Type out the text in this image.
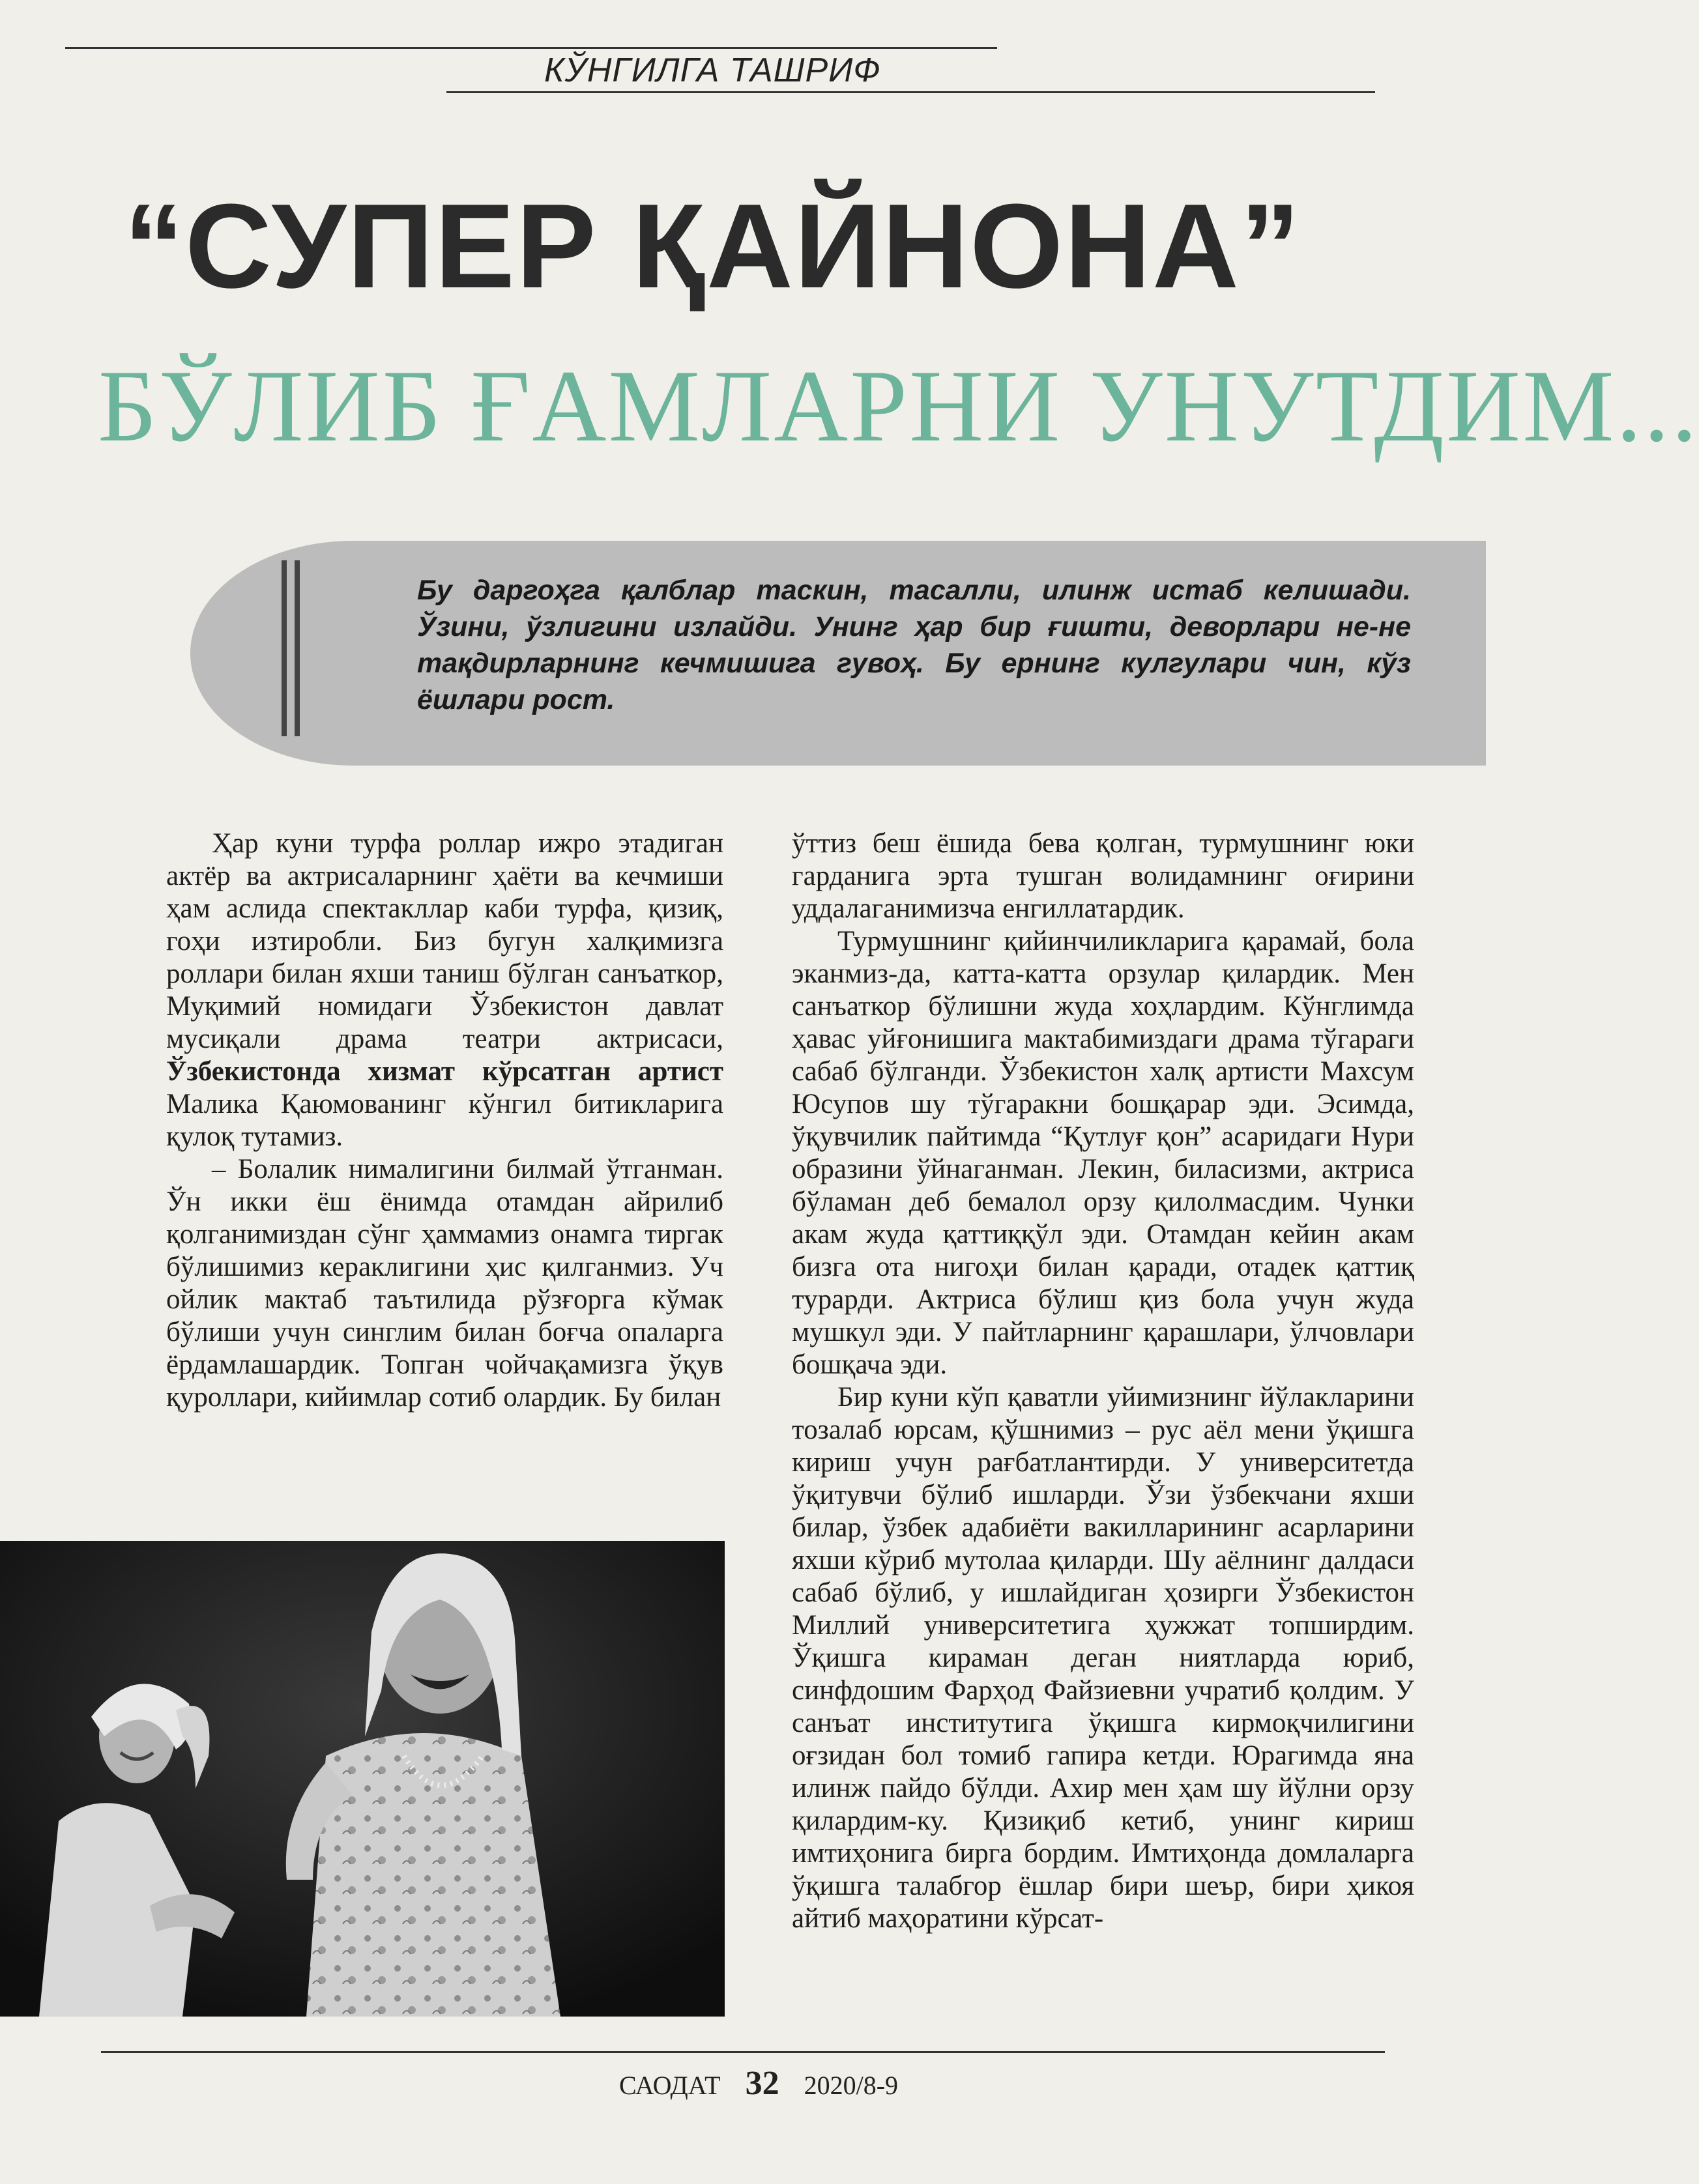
КЎНГИЛГА ТАШРИФ
“СУПЕР ҚАЙНОНА”
БЎЛИБ ҒАМЛАРНИ УНУТДИМ...
Бу даргоҳга қалблар таскин, тасалли, илинж истаб келишади. Ўзини, ўзлигини излайди. Унинг ҳар бир ғишти, деворлари не-не тақдирларнинг кечмишига гувоҳ. Бу ернинг кулгулари чин, кўз ёшлари рост.

Ҳар куни турфа роллар ижро этадиган актёр ва актрисаларнинг ҳаёти ва кечмиши ҳам аслида спектакллар каби турфа, қизиқ, гоҳи изтиробли. Биз бугун халқимизга роллари билан яхши таниш бўлган санъаткор, Муқимий номидаги Ўзбекистон давлат мусиқали драма театри актрисаси, Ўзбекистонда хизмат кўрсатган артист Малика Қаюмованинг кўнгил битикларига қулоқ тутамиз.

– Болалик нималигини билмай ўтганман. Ўн икки ёш ёнимда отамдан айрилиб қолганимиздан сўнг ҳаммамиз онамга тиргак бўлишимиз кераклигини ҳис қилганмиз. Уч ойлик мактаб таътилида рўзғорга кўмак бўлиши учун синглим билан боғча опаларга ёрдамлашардик. Топган чойчақамизга ўқув қуроллари, кийимлар сотиб олардик. Бу билан

ўттиз беш ёшида бева қолган, турмушнинг юки гарданига эрта тушган волидамнинг оғирини уддалаганимизча енгиллатардик.

Турмушнинг қийинчиликларига қарамай, бола эканмиз-да, катта-катта орзулар қилардик. Мен санъаткор бўлишни жуда хоҳлардим. Кўнглимда ҳавас уйғонишига мактабимиздаги драма тўгараги сабаб бўлганди. Ўзбекистон халқ артисти Махсум Юсупов шу тўгаракни бошқарар эди. Эсимда, ўқувчилик пайтимда “Қутлуғ қон” асаридаги Нури образини ўйнаганман. Лекин, биласизми, актриса бўламан деб бемалол орзу қилолмасдим. Чунки акам жуда қаттиққўл эди. Отамдан кейин акам бизга ота нигоҳи билан қаради, отадек қаттиқ турарди. Актриса бўлиш қиз бола учун жуда мушкул эди. У пайтларнинг қарашлари, ўлчовлари бошқача эди.

Бир куни кўп қаватли уйимизнинг йўлакларини тозалаб юрсам, қўшнимиз – рус аёл мени ўқишга кириш учун рағбатлантирди. У университетда ўқитувчи бўлиб ишларди. Ўзи ўзбекчани яхши билар, ўзбек адабиёти вакилларининг асарларини яхши кўриб мутолаа қиларди. Шу аёлнинг далдаси сабаб бўлиб, у ишлайдиган ҳозирги Ўзбекистон Миллий университетига ҳужжат топширдим. Ўқишга кираман деган ниятларда юриб, синфдошим Фарҳод Файзиевни учратиб қолдим. У санъат институтига ўқишга кирмоқчилигини оғзидан бол томиб гапира кетди. Юрагимда яна илинж пайдо бўлди. Ахир мен ҳам шу йўлни орзу қилардим-ку. Қизиқиб кетиб, унинг кириш имтиҳонига бирга бордим. Имтиҳонда домлаларга ўқишга талабгор ёшлар бири шеър, бири ҳикоя айтиб маҳоратини кўрсат-

САОДАТ 32 2020/8-9
